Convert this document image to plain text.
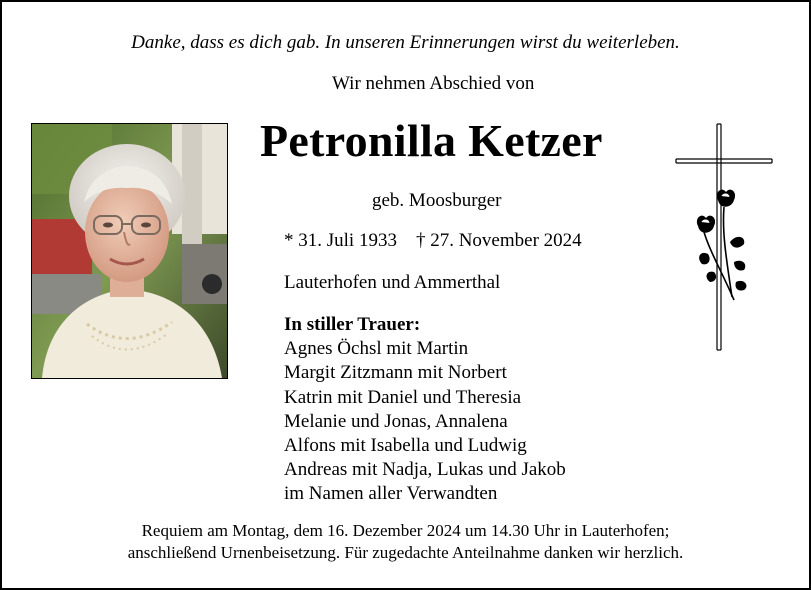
Danke, dass es dich gab. In unseren Erinnerungen wirst du weiterleben.
Wir nehmen Abschied von
Petronilla Ketzer
geb. Moosburger
* 31. Juli 1933    † 27. November 2024
Lauterhofen und Ammerthal
In stiller Trauer:
Agnes Öchsl mit Martin
Margit Zitzmann mit Norbert
Katrin mit Daniel und Theresia
Melanie und Jonas, Annalena
Alfons mit Isabella und Ludwig
Andreas mit Nadja, Lukas und Jakob
im Namen aller Verwandten
Requiem am Montag, dem 16. Dezember 2024 um 14.30 Uhr in Lauterhofen;
anschließend Urnenbeisetzung. Für zugedachte Anteilnahme danken wir herzlich.
